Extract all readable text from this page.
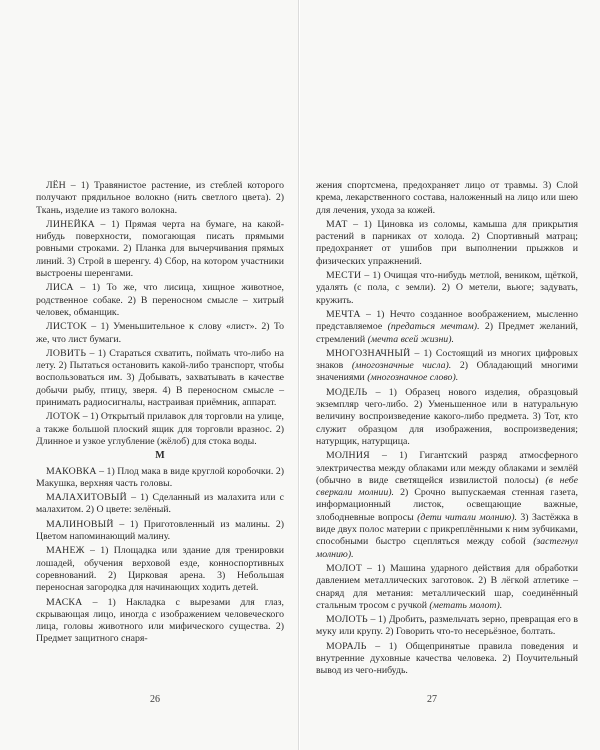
ЛЁН – 1) Травянистое растение, из стеблей которого получают прядильное волокно (нить светлого цвета). 2) Ткань, изделие из такого волокна.

ЛИНЕЙКА – 1) Прямая черта на бумаге, на какой-нибудь поверхности, помогающая писать прямыми ровными строками. 2) Планка для вычерчивания прямых линий. 3) Строй в шеренгу. 4) Сбор, на котором участники выстроены шеренгами.

ЛИСА – 1) То же, что лисица, хищное животное, родственное собаке. 2) В переносном смысле – хитрый человек, обманщик.

ЛИСТОК – 1) Уменьшительное к слову «лист». 2) То же, что лист бумаги.

ЛОВИТЬ – 1) Стараться схватить, поймать что-либо на лету. 2) Пытаться остановить какой-либо транспорт, чтобы воспользоваться им. 3) Добывать, захватывать в качестве добычи рыбу, птицу, зверя. 4) В переносном смысле – принимать радиосигналы, настраивая приёмник, аппарат.

ЛОТОК – 1) Открытый прилавок для торговли на улице, а также большой плоский ящик для торговли вразнос. 2) Длинное и узкое углубление (жёлоб) для стока воды.

М

МАКОВКА – 1) Плод мака в виде круглой коробочки. 2) Макушка, верхняя часть головы.

МАЛАХИТОВЫЙ – 1) Сделанный из малахита или с малахитом. 2) О цвете: зелёный.

МАЛИНОВЫЙ – 1) Приготовленный из малины. 2) Цветом напоминающий малину.

МАНЕЖ – 1) Площадка или здание для тренировки лошадей, обучения верховой езде, конноспортивных соревнований. 2) Цирковая арена. 3) Небольшая переносная загородка для начинающих ходить детей.

МАСКА – 1) Накладка с вырезами для глаз, скрывающая лицо, иногда с изображением человеческого лица, головы животного или мифического существа. 2) Предмет защитного снаря-

26

жения спортсмена, предохраняет лицо от травмы. 3) Слой крема, лекарственного состава, наложенный на лицо или шею для лечения, ухода за кожей.

МАТ – 1) Циновка из соломы, камыша для прикрытия растений в парниках от холода. 2) Спортивный матрац; предохраняет от ушибов при выполнении прыжков и физических упражнений.

МЕСТИ – 1) Очищая что-нибудь метлой, веником, щёткой, удалять (с пола, с земли). 2) О метели, вьюге; задувать, кружить.

МЕЧТА – 1) Нечто созданное воображением, мысленно представляемое (предаться мечтам). 2) Предмет желаний, стремлений (мечта всей жизни).

МНОГОЗНАЧНЫЙ – 1) Состоящий из многих цифровых знаков (многозначные числа). 2) Обладающий многими значениями (многозначное слово).

МОДЕЛЬ – 1) Образец нового изделия, образцовый экземпляр чего-либо. 2) Уменьшенное или в натуральную величину воспроизведение какого-либо предмета. 3) Тот, кто служит образцом для изображения, воспроизведения; натурщик, натурщица.

МОЛНИЯ – 1) Гигантский разряд атмосферного электричества между облаками или между облаками и землёй (обычно в виде светящейся извилистой полосы) (в небе сверкали молнии). 2) Срочно выпускаемая стенная газета, информационный листок, освещающие важные, злободневные вопросы (дети читали молнию). 3) Застёжка в виде двух полос материи с прикреплёнными к ним зубчиками, способными быстро сцепляться между собой (застегнул молнию).

МОЛОТ – 1) Машина ударного действия для обработки давлением металлических заготовок. 2) В лёгкой атлетике – снаряд для метания: металлический шар, соединённый стальным тросом с ручкой (метать молот).

МОЛОТЬ – 1) Дробить, размельчать зерно, превращая его в муку или крупу. 2) Говорить что-то несерьёзное, болтать.

МОРАЛЬ – 1) Общепринятые правила поведения и внутренние духовные качества человека. 2) Поучительный вывод из чего-нибудь.

27
